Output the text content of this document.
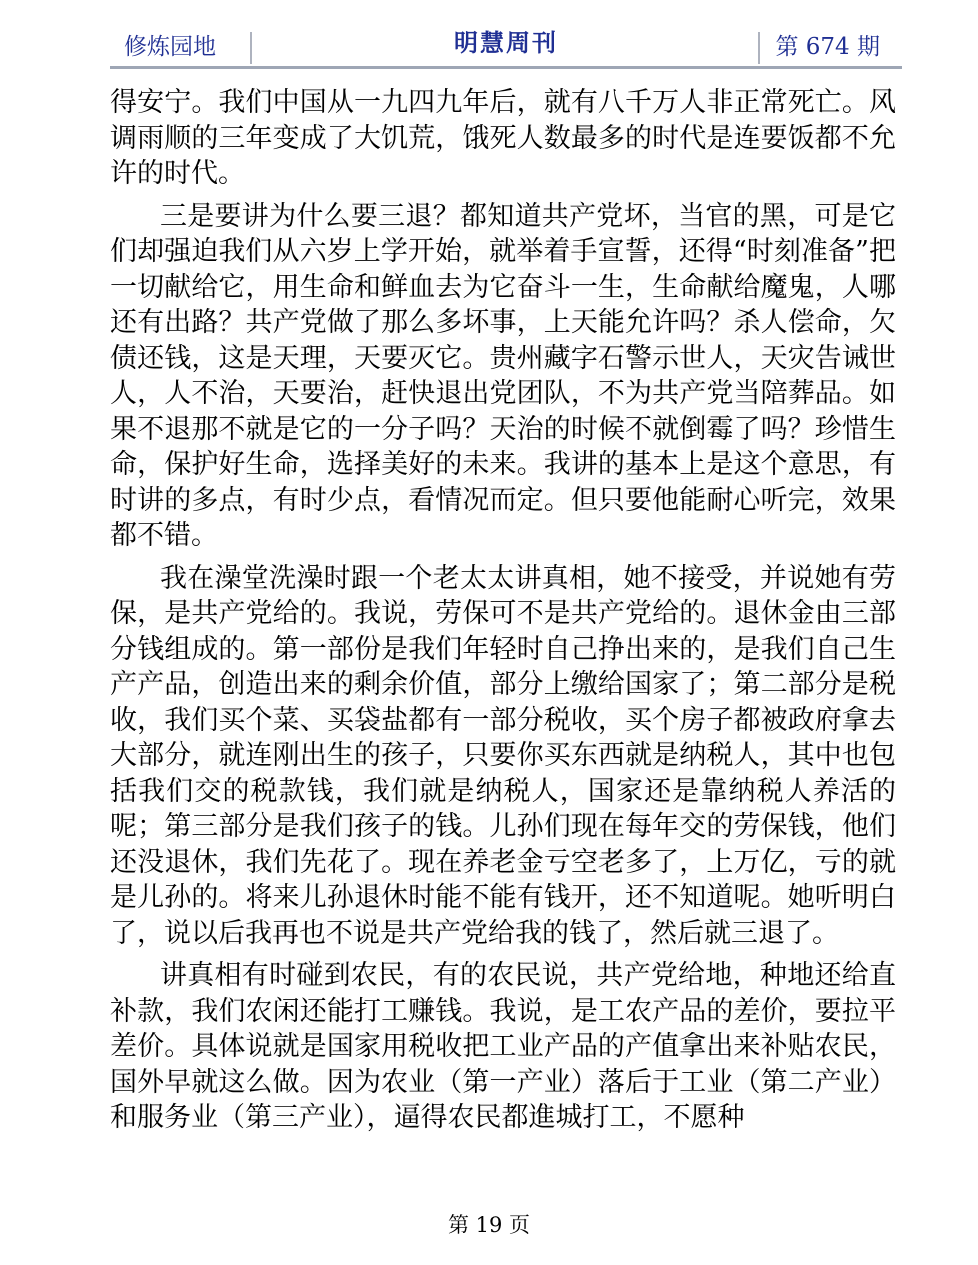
修炼园地	明慧周刊	第 674 期

得安宁。我们中国从一九四九年后，就有八千万人非正常死亡。风调雨顺的三年变成了大饥荒，饿死人数最多的时代是连要饭都不允许的时代。

三是要讲为什么要三退？都知道共产党坏，当官的黑，可是它们却强迫我们从六岁上学开始，就举着手宣誓，还得“时刻准备”把一切献给它，用生命和鲜血去为它奋斗一生，生命献给魔鬼，人哪还有出路？共产党做了那么多坏事，上天能允许吗？杀人偿命，欠债还钱，这是天理，天要灭它。贵州藏字石警示世人，天灾告诫世人，人不治，天要治，赶快退出党团队，不为共产党当陪葬品。如果不退那不就是它的一分子吗？天治的时候不就倒霉了吗？珍惜生命，保护好生命，选择美好的未来。我讲的基本上是这个意思，有时讲的多点，有时少点，看情况而定。但只要他能耐心听完，效果都不错。

我在澡堂洗澡时跟一个老太太讲真相，她不接受，并说她有劳保，是共产党给的。我说，劳保可不是共产党给的。退休金由三部分钱组成的。第一部份是我们年轻时自己挣出来的，是我们自己生产产品，创造出来的剩余价值，部分上缴给国家了；第二部分是税收，我们买个菜、买袋盐都有一部分税收，买个房子都被政府拿去大部分，就连刚出生的孩子，只要你买东西就是纳税人，其中也包括我们交的税款钱，我们就是纳税人，国家还是靠纳税人养活的呢；第三部分是我们孩子的钱。儿孙们现在每年交的劳保钱，他们还没退休，我们先花了。现在养老金亏空老多了，上万亿，亏的就是儿孙的。将来儿孙退休时能不能有钱开，还不知道呢。她听明白了，说以后我再也不说是共产党给我的钱了，然后就三退了。

讲真相有时碰到农民，有的农民说，共产党给地，种地还给直补款，我们农闲还能打工赚钱。我说，是工农产品的差价，要拉平差价。具体说就是国家用税收把工业产品的产值拿出来补贴农民，国外早就这么做。因为农业（第一产业）落后于工业（第二产业）和服务业（第三产业），逼得农民都進城打工，不愿种

第 19 页
